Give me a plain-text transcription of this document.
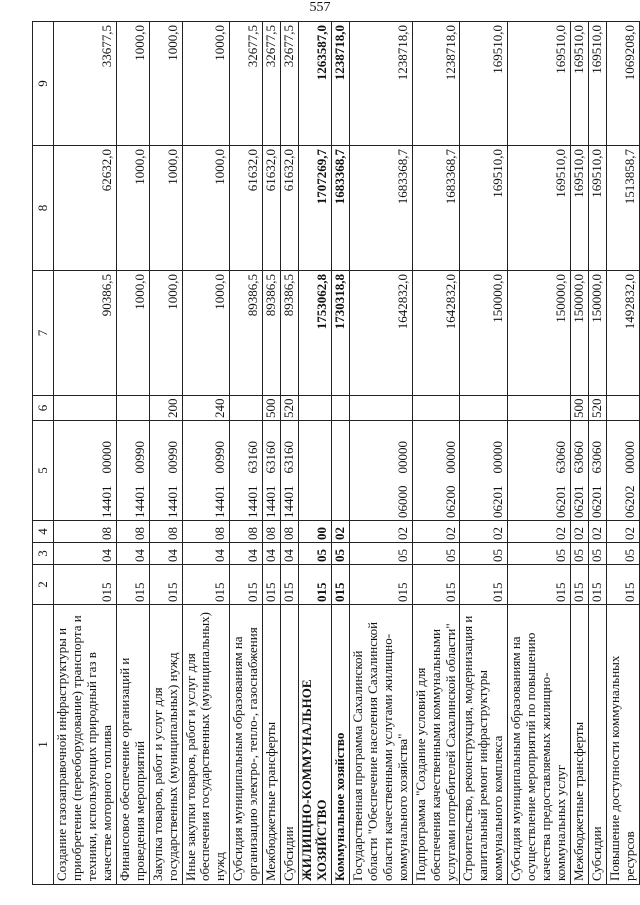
557
1	2	3	4	5	6	7	8	9
Создание газозаправочной инфраструктуры и приобретение (переоборудование) транспорта и техники, использующих природный газ в качестве моторного топлива	015	04	08	1440100000		90386,5	62632,0	33677,5
Финансовое обеспечение организаций и проведения мероприятий	015	04	08	1440100990		1000,0	1000,0	1000,0
Закупка товаров, работ и услуг для государственных (муниципальных) нужд	015	04	08	1440100990	200	1000,0	1000,0	1000,0
Иные закупки товаров, работ и услуг для обеспечения государственных (муниципальных) нужд	015	04	08	1440100990	240	1000,0	1000,0	1000,0
Субсидия муниципальным образованиям на организацию электро-, тепло-, газоснабжения	015	04	08	1440163160		89386,5	61632,0	32677,5
Межбюджетные трансферты	015	04	08	1440163160	500	89386,5	61632,0	32677,5
Субсидии	015	04	08	1440163160	520	89386,5	61632,0	32677,5
ЖИЛИЩНО-КОММУНАЛЬНОЕ ХОЗЯЙСТВО	015	05	00			1753062,8	1707269,7	1263587,0
Коммунальное хозяйство	015	05	02			1730318,8	1683368,7	1238718,0
Государственная программа Сахалинской области "Обеспечение населения Сахалинской области качественными услугами жилищно-коммунального хозяйства"	015	05	02	0600000000		1642832,0	1683368,7	1238718,0
Подпрограмма "Создание условий для обеспечения качественными коммунальными услугами потребителей Сахалинской области"	015	05	02	0620000000		1642832,0	1683368,7	1238718,0
Строительство, реконструкция, модернизация и капитальный ремонт инфраструктуры коммунального комплекса	015	05	02	0620100000		150000,0	169510,0	169510,0
Субсидия муниципальным образованиям на осуществление мероприятий по повышению качества предоставляемых жилищно-коммунальных услуг	015	05	02	0620163060		150000,0	169510,0	169510,0
Межбюджетные трансферты	015	05	02	0620163060	500	150000,0	169510,0	169510,0
Субсидии	015	05	02	0620163060	520	150000,0	169510,0	169510,0
Повышение доступности коммунальных ресурсов	015	05	02	0620200000		1492832,0	1513858,7	1069208,0
